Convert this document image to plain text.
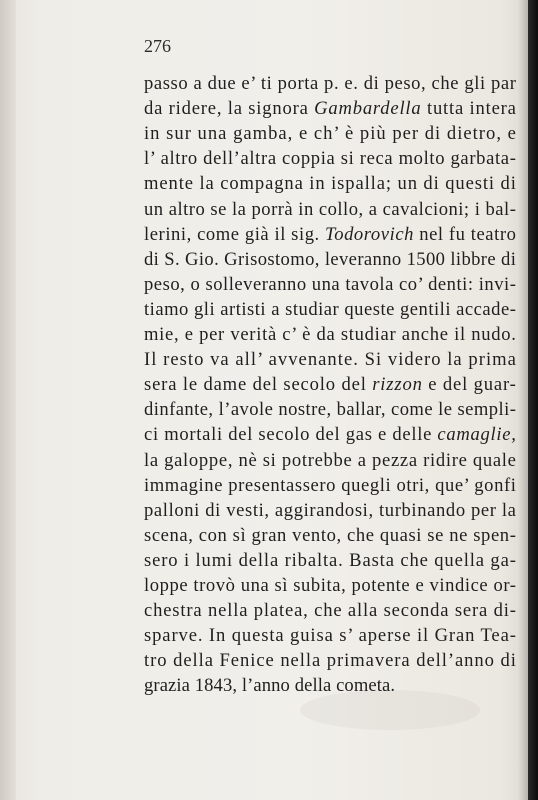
276
passo a due e’ ti porta p. e. di peso, che gli par
da ridere, la signora Gambardella tutta intera
in sur una gamba, e ch’ è più per di dietro, e
l’ altro dell’altra coppia si reca molto garbata-
mente la compagna in ispalla; un di questi di
un altro se la porrà in collo, a cavalcioni; i bal-
lerini, come già il sig. Todorovich nel fu teatro
di S. Gio. Grisostomo, leveranno 1500 libbre di
peso, o solleveranno una tavola co’ denti: invi-
tiamo gli artisti a studiar queste gentili accade-
mie, e per verità c’ è da studiar anche il nudo.
Il resto va all’ avvenante. Si videro la prima
sera le dame del secolo del rizzon e del guar-
dinfante, l’avole nostre, ballar, come le sempli-
ci mortali del secolo del gas e delle camaglie,
la galoppe, nè si potrebbe a pezza ridire quale
immagine presentassero quegli otri, que’ gonfi
palloni di vesti, aggirandosi, turbinando per la
scena, con sì gran vento, che quasi se ne spen-
sero i lumi della ribalta. Basta che quella ga-
loppe trovò una sì subita, potente e vindice or-
chestra nella platea, che alla seconda sera di-
sparve. In questa guisa s’ aperse il Gran Tea-
tro della Fenice nella primavera dell’anno di
grazia 1843, l’anno della cometa.
